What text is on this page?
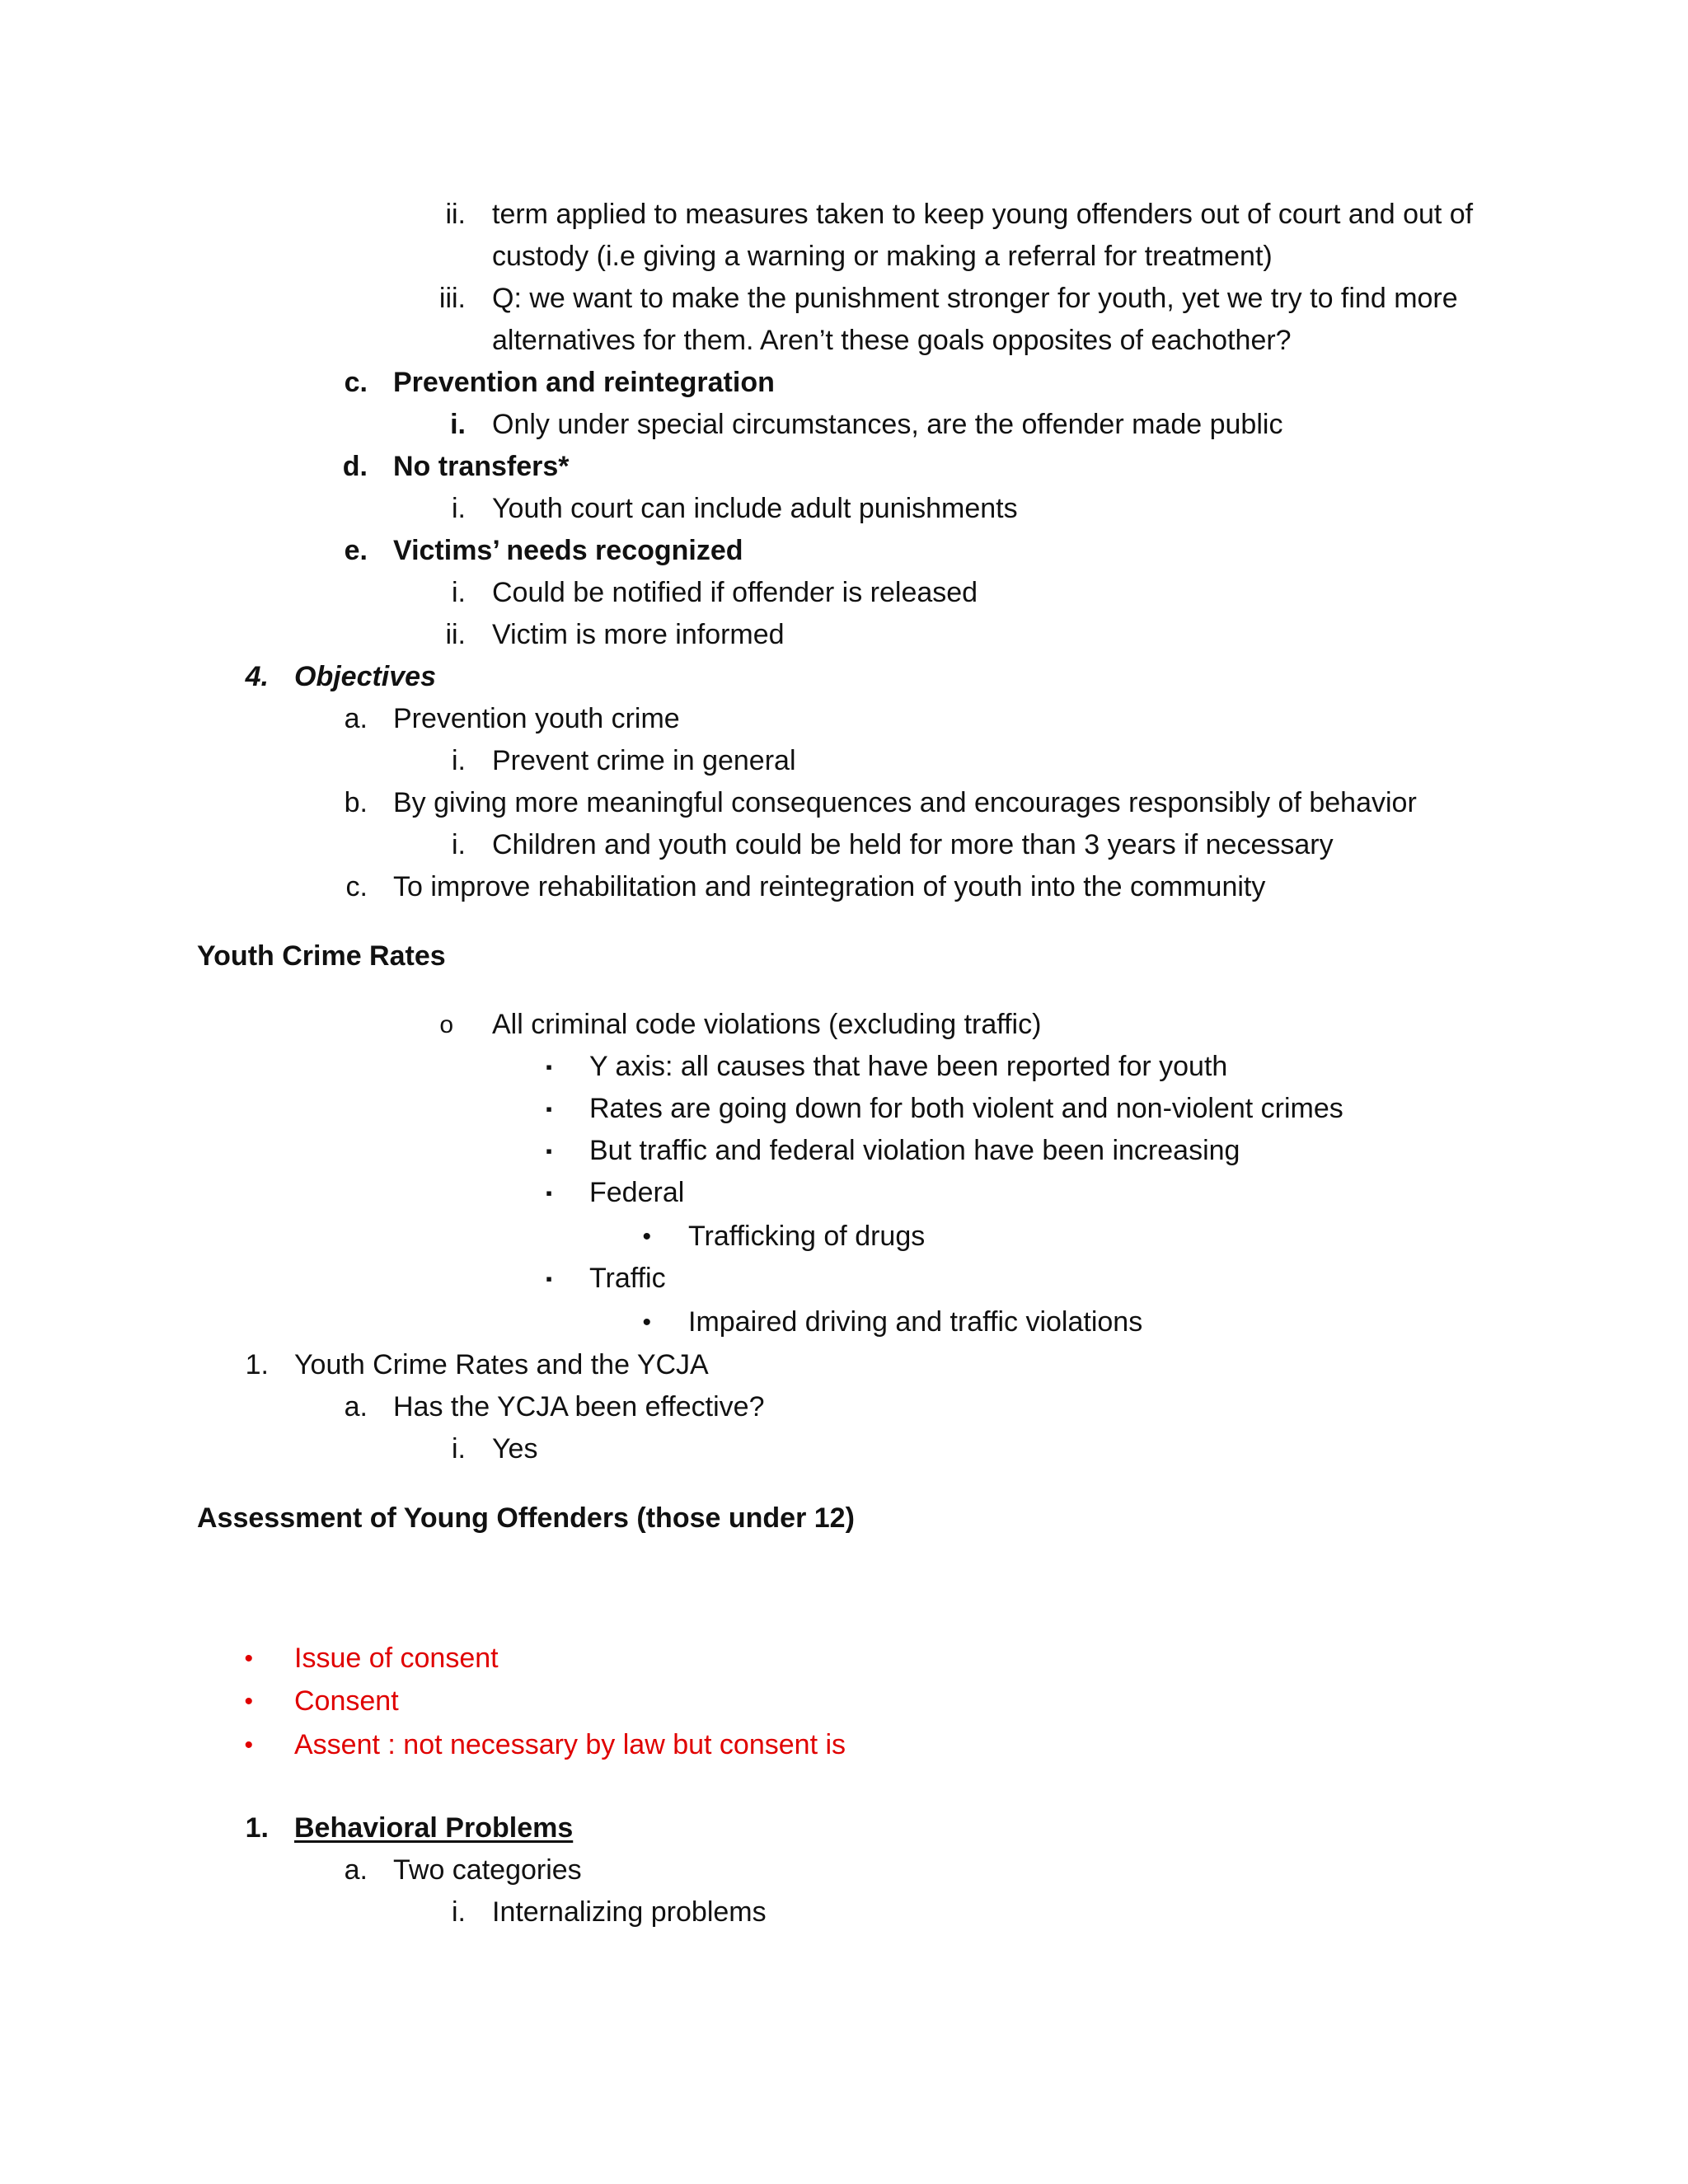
ii. term applied to measures taken to keep young offenders out of court and out of
custody (i.e giving a warning or making a referral for treatment)
iii. Q: we want to make the punishment stronger for youth, yet we try to find more
alternatives for them. Aren’t these goals opposites of eachother?
c. Prevention and reintegration
i. Only under special circumstances, are the offender made public
d. No transfers*
i. Youth court can include adult punishments
e. Victims’ needs recognized
i. Could be notified if offender is released
ii. Victim is more informed
4. Objectives
a. Prevention youth crime
i. Prevent crime in general
b. By giving more meaningful consequences and encourages responsibly of behavior
i. Children and youth could be held for more than 3 years if necessary
c. To improve rehabilitation and reintegration of youth into the community
Youth Crime Rates
o All criminal code violations (excluding traffic)
▪ Y axis: all causes that have been reported for youth
▪ Rates are going down for both violent and non-violent crimes
▪ But traffic and federal violation have been increasing
▪ Federal
• Trafficking of drugs
▪ Traffic
• Impaired driving and traffic violations
1. Youth Crime Rates and the YCJA
a. Has the YCJA been effective?
i. Yes
Assessment of Young Offenders (those under 12)
• Issue of consent
• Consent
• Assent : not necessary by law but consent is
1. Behavioral Problems
a. Two categories
i. Internalizing problems
